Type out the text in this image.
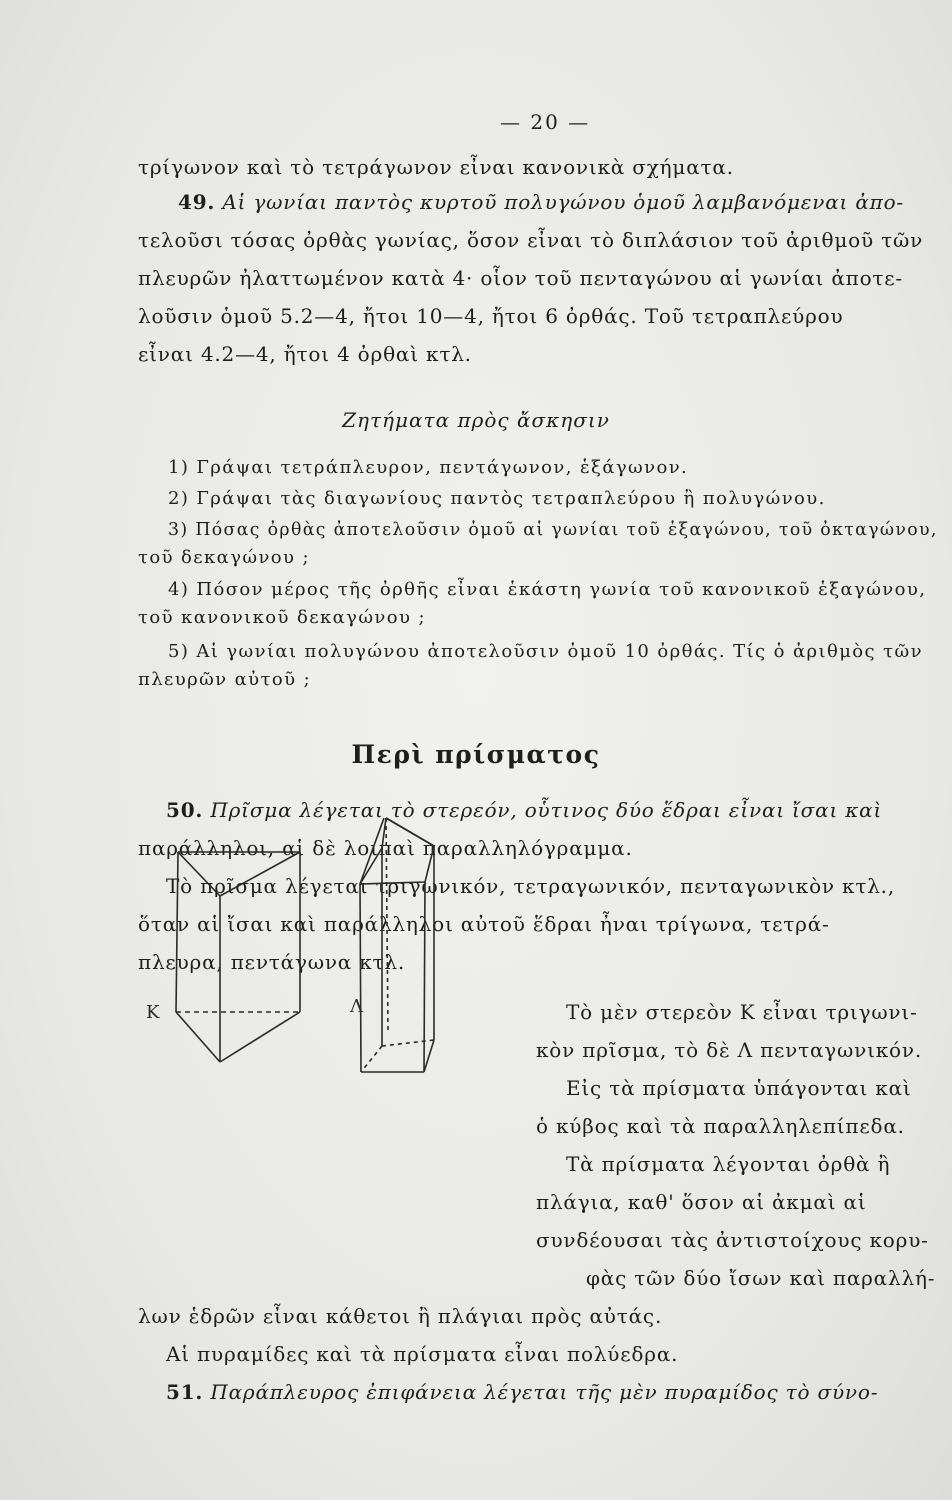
— 20 —
τρίγωνον καὶ τὸ τετράγωνον εἶναι κανονικὰ σχήματα.
49. Αἱ γωνίαι παντὸς κυρτοῦ πολυγώνου ὁμοῦ λαμβανόμεναι ἀπο-
τελοῦσι τόσας ὀρθὰς γωνίας, ὅσον εἶναι τὸ διπλάσιον τοῦ ἀριθμοῦ τῶν
πλευρῶν ἠλαττωμένον κατὰ 4· οἷον τοῦ πενταγώνου αἱ γωνίαι ἀποτε-
λοῦσιν ὁμοῦ 5.2—4, ἤτοι 10—4, ἤτοι 6 ὀρθάς. Τοῦ τετραπλεύρου
εἶναι 4.2—4, ἤτοι 4 ὀρθαὶ κτλ.
Ζητήματα πρὸς ἄσκησιν
1) Γράψαι τετράπλευρον, πεντάγωνον, ἑξάγωνον.
2) Γράψαι τὰς διαγωνίους παντὸς τετραπλεύρου ἢ πολυγώνου.
3) Πόσας ὀρθὰς ἀποτελοῦσιν ὁμοῦ αἱ γωνίαι τοῦ ἑξαγώνου, τοῦ ὀκταγώνου,
τοῦ δεκαγώνου ;
4) Πόσον μέρος τῆς ὀρθῆς εἶναι ἑκάστη γωνία τοῦ κανονικοῦ ἑξαγώνου,
τοῦ κανονικοῦ δεκαγώνου ;
5) Αἱ γωνίαι πολυγώνου ἀποτελοῦσιν ὁμοῦ 10 ὀρθάς. Τίς ὁ ἀριθμὸς τῶν
πλευρῶν αὐτοῦ ;
Περὶ πρίσματος
50. Πρῖσμα λέγεται τὸ στερεόν, οὗτινος δύο ἕδραι εἶναι ἴσαι καὶ
παράλληλοι, αἱ δὲ λοιπαὶ παραλληλόγραμμα.
Τὸ πρῖσμα λέγεται τριγωνικόν, τετραγωνικόν, πενταγωνικὸν κτλ.,
ὅταν αἱ ἴσαι καὶ παράλληλοι αὐτοῦ ἕδραι ἦναι τρίγωνα, τετρά-
πλευρα, πεντάγωνα κτλ.
Κ	Λ	Τὸ μὲν στερεὸν Κ εἶναι τριγωνι-
κὸν πρῖσμα, τὸ δὲ Λ πενταγωνικόν.
Εἰς τὰ πρίσματα ὑπάγονται καὶ
ὁ κύβος καὶ τὰ παραλληλεπίπεδα.
Τὰ πρίσματα λέγονται ὀρθὰ ἢ
πλάγια, καθ' ὅσον αἱ ἀκμαὶ αἱ
συνδέουσαι τὰς ἀντιστοίχους κορυ-
φὰς τῶν δύο ἴσων καὶ παραλλή-
λων ἑδρῶν εἶναι κάθετοι ἢ πλάγιαι πρὸς αὐτάς.
Αἱ πυραμίδες καὶ τὰ πρίσματα εἶναι πολύεδρα.
51. Παράπλευρος ἐπιφάνεια λέγεται τῆς μὲν πυραμίδος τὸ σύνο-
